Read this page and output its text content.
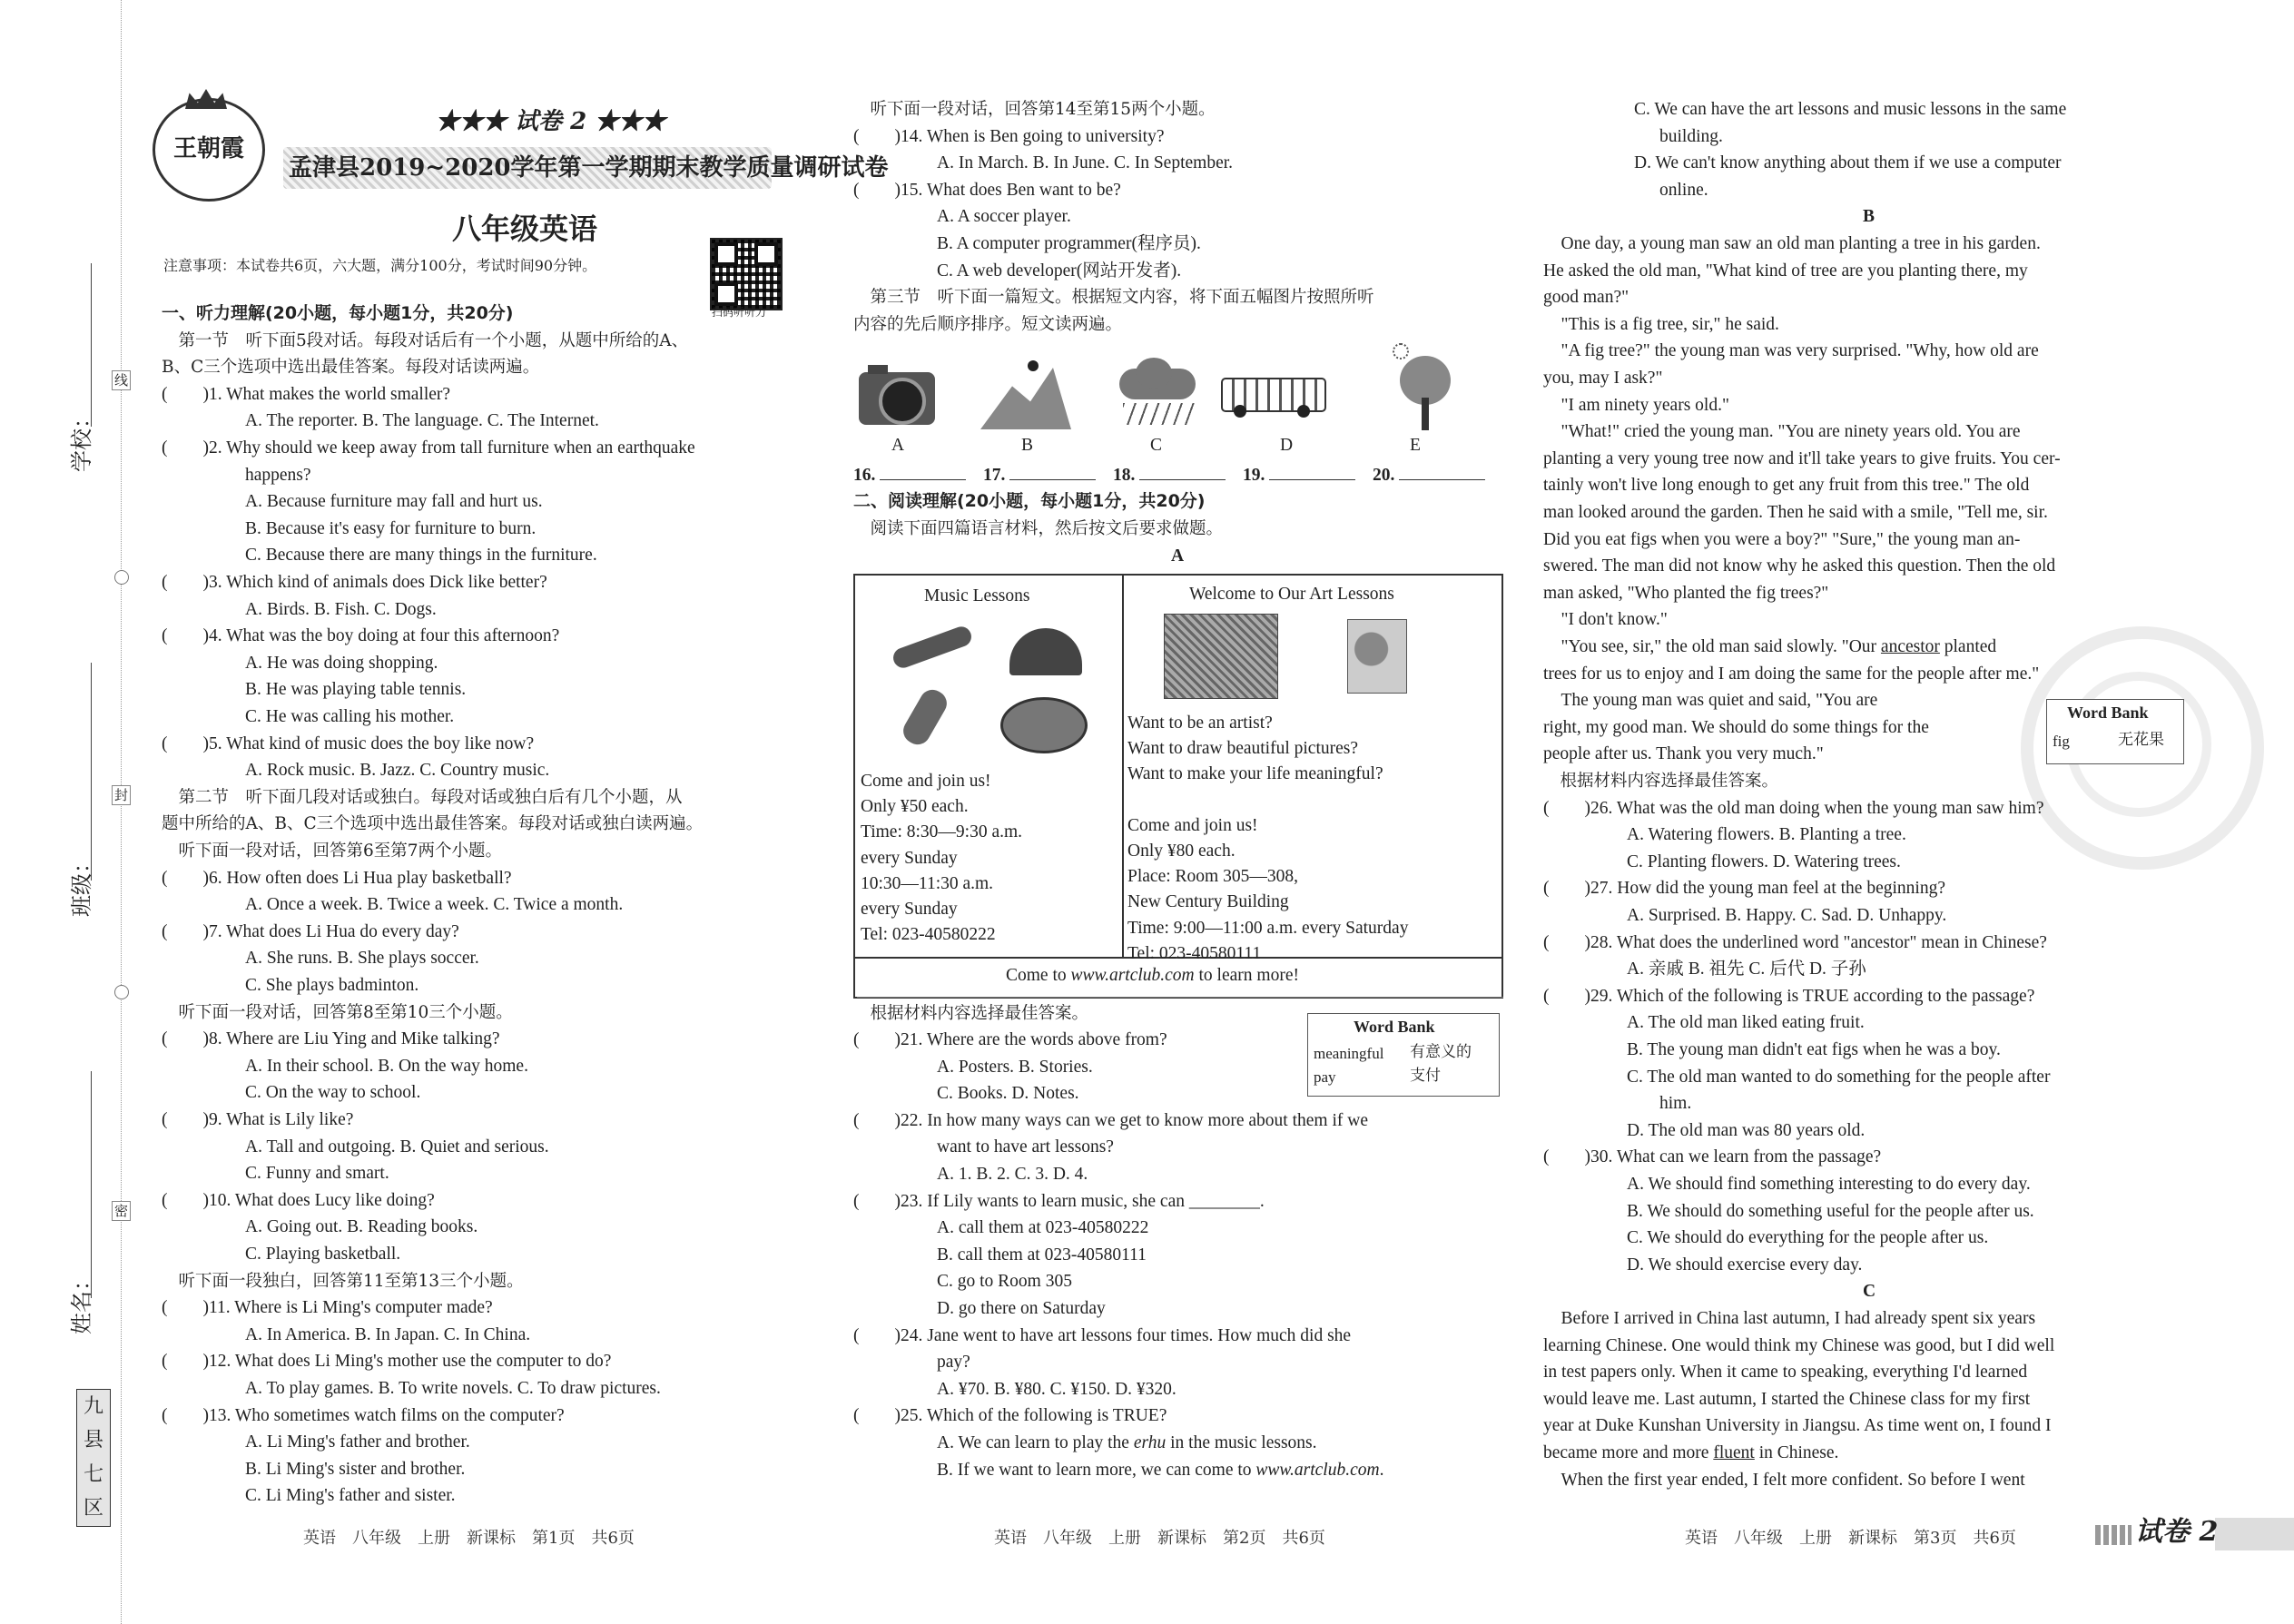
学校：
班级：
姓名：
线
封
密
九
县
七
区
王朝霞
★★★ 试卷 2 ★★★
孟津县2019~2020学年第一学期期末教学质量调研试卷
八年级英语
注意事项：本试卷共6页，六大题，满分100分，考试时间90分钟。
扫码听听力
一、听力理解(20小题，每小题1分，共20分)
　第一节　听下面5段对话。每段对话后有一个小题，从题中所给的A、
B、C三个选项中选出最佳答案。每段对话读两遍。
(　　)1. What makes the world smaller?
A. The reporter. B. The language. C. The Internet.
(　　)2. Why should we keep away from tall furniture when an earthquake
happens?
A. Because furniture may fall and hurt us.
B. Because it's easy for furniture to burn.
C. Because there are many things in the furniture.
(　　)3. Which kind of animals does Dick like better?
A. Birds. B. Fish. C. Dogs.
(　　)4. What was the boy doing at four this afternoon?
A. He was doing shopping.
B. He was playing table tennis.
C. He was calling his mother.
(　　)5. What kind of music does the boy like now?
A. Rock music. B. Jazz. C. Country music.
　第二节　听下面几段对话或独白。每段对话或独白后有几个小题，从
题中所给的A、B、C三个选项中选出最佳答案。每段对话或独白读两遍。
　听下面一段对话，回答第6至第7两个小题。
(　　)6. How often does Li Hua play basketball?
A. Once a week. B. Twice a week. C. Twice a month.
(　　)7. What does Li Hua do every day?
A. She runs. B. She plays soccer.
C. She plays badminton.
　听下面一段对话，回答第8至第10三个小题。
(　　)8. Where are Liu Ying and Mike talking?
A. In their school. B. On the way home.
C. On the way to school.
(　　)9. What is Lily like?
A. Tall and outgoing. B. Quiet and serious.
C. Funny and smart.
(　　)10. What does Lucy like doing?
A. Going out. B. Reading books.
C. Playing basketball.
　听下面一段独白，回答第11至第13三个小题。
(　　)11. Where is Li Ming's computer made?
A. In America. B. In Japan. C. In China.
(　　)12. What does Li Ming's mother use the computer to do?
A. To play games. B. To write novels. C. To draw pictures.
(　　)13. Who sometimes watch films on the computer?
A. Li Ming's father and brother.
B. Li Ming's sister and brother.
C. Li Ming's father and sister.
　听下面一段对话，回答第14至第15两个小题。
(　　)14. When is Ben going to university?
A. In March. B. In June. C. In September.
(　　)15. What does Ben want to be?
A. A soccer player.
B. A computer programmer(程序员).
C. A web developer(网站开发者).
　第三节　听下面一篇短文。根据短文内容，将下面五幅图片按照所听
内容的先后顺序排序。短文读两遍。
A	B	C	D	E
16.	17.	18.	19.	20.
二、阅读理解(20小题，每小题1分，共20分)
　阅读下面四篇语言材料，然后按文后要求做题。
A
Music Lessons
Come and join us!
Only ¥50 each.
Time: 8:30—9:30 a.m.
every Sunday
10:30—11:30 a.m.
every Sunday
Tel: 023-40580222
Welcome to Our Art Lessons
Want to be an artist?
Want to draw beautiful pictures?
Want to make your life meaningful?
Come and join us!
Only ¥80 each.
Place: Room 305—308,
New Century Building
Time: 9:00—11:00 a.m. every Saturday
Tel: 023-40580111
Come to www.artclub.com to learn more!
　根据材料内容选择最佳答案。
Word Bank
meaningful 有意义的
pay	支付
(　　)21. Where are the words above from?
A. Posters. B. Stories.
C. Books. D. Notes.
(　　)22. In how many ways can we get to know more about them if we
want to have art lessons?
A. 1. B. 2. C. 3. D. 4.
(　　)23. If Lily wants to learn music, she can ________.
A. call them at 023-40580222
B. call them at 023-40580111
C. go to Room 305
D. go there on Saturday
(　　)24. Jane went to have art lessons four times. How much did she
pay?
A. ¥70. B. ¥80. C. ¥150. D. ¥320.
(　　)25. Which of the following is TRUE?
A. We can learn to play the erhu in the music lessons.
B. If we want to learn more, we can come to www.artclub.com.
C. We can have the art lessons and music lessons in the same
building.
D. We can't know anything about them if we use a computer
online.
B
　One day, a young man saw an old man planting a tree in his garden.
He asked the old man, "What kind of tree are you planting there, my
good man?"
　"This is a fig tree, sir," he said.
　"A fig tree?" the young man was very surprised. "Why, how old are
you, may I ask?"
　"I am ninety years old."
　"What!" cried the young man. "You are ninety years old. You are
planting a very young tree now and it'll take years to give fruits. You cer-
tainly won't live long enough to get any fruit from this tree." The old
man looked around the garden. Then he said with a smile, "Tell me, sir.
Did you eat figs when you were a boy?" "Sure," the young man an-
swered. The man did not know why he asked this question. Then the old
man asked, "Who planted the fig trees?"
　"I don't know."
　"You see, sir," the old man said slowly. "Our ancestor planted
trees for us to enjoy and I am doing the same for the people after me."
　The young man was quiet and said, "You are
right, my good man. We should do some things for the
people after us. Thank you very much."
　根据材料内容选择最佳答案。
(　　)26. What was the old man doing when the young man saw him?
A. Watering flowers. B. Planting a tree.
C. Planting flowers. D. Watering trees.
(　　)27. How did the young man feel at the beginning?
A. Surprised. B. Happy. C. Sad. D. Unhappy.
(　　)28. What does the underlined word "ancestor" mean in Chinese?
A. 亲戚 B. 祖先 C. 后代 D. 子孙
(　　)29. Which of the following is TRUE according to the passage?
A. The old man liked eating fruit.
B. The young man didn't eat figs when he was a boy.
C. The old man wanted to do something for the people after
him.
D. The old man was 80 years old.
(　　)30. What can we learn from the passage?
A. We should find something interesting to do every day.
B. We should do something useful for the people after us.
C. We should do everything for the people after us.
D. We should exercise every day.
C
　Before I arrived in China last autumn, I had already spent six years
learning Chinese. One would think my Chinese was good, but I did well
in test papers only. When it came to speaking, everything I'd learned
would leave me. Last autumn, I started the Chinese class for my first
year at Duke Kunshan University in Jiangsu. As time went on, I found I
became more and more fluent in Chinese.
　When the first year ended, I felt more confident. So before I went
Word Bank
fig	无花果
英语　八年级　上册　新课标　第1页　共6页	英语　八年级　上册　新课标　第2页　共6页	英语　八年级　上册　新课标　第3页　共6页	试卷 2
